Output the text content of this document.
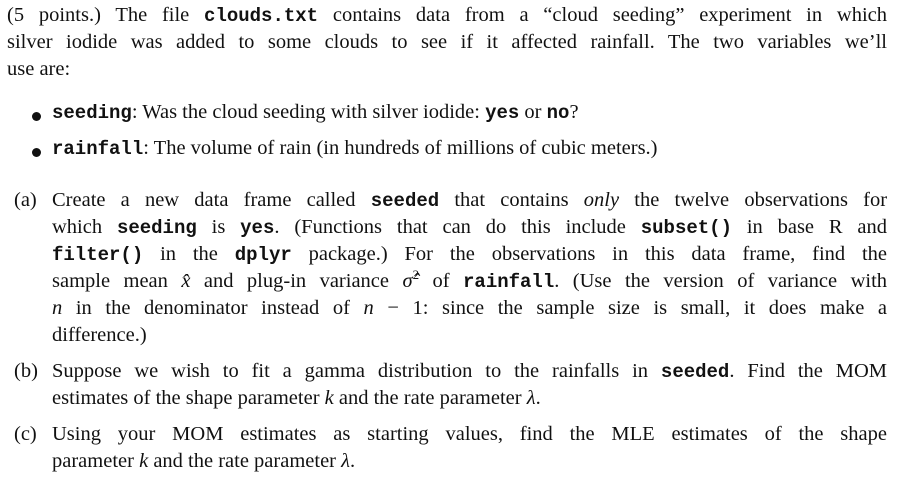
(5 points.) The file clouds.txt contains data from a “cloud seeding” experiment in which
silver iodide was added to some clouds to see if it affected rainfall. The two variables we’ll
use are:
seeding: Was the cloud seeding with silver iodide: yes or no?
rainfall: The volume of rain (in hundreds of millions of cubic meters.)
(a) Create a new data frame called seeded that contains only the twelve observations for
which seeding is yes. (Functions that can do this include subset() in base R and
filter() in the dplyr package.) For the observations in this data frame, find the
sample mean x̂ and plug-in variance σ̂$^2$ of rainfall. (Use the version of variance with
n in the denominator instead of n − 1: since the sample size is small, it does make a
difference.)
(b) Suppose we wish to fit a gamma distribution to the rainfalls in seeded. Find the MOM
estimates of the shape parameter k and the rate parameter λ.
(c) Using your MOM estimates as starting values, find the MLE estimates of the shape
parameter k and the rate parameter λ.
